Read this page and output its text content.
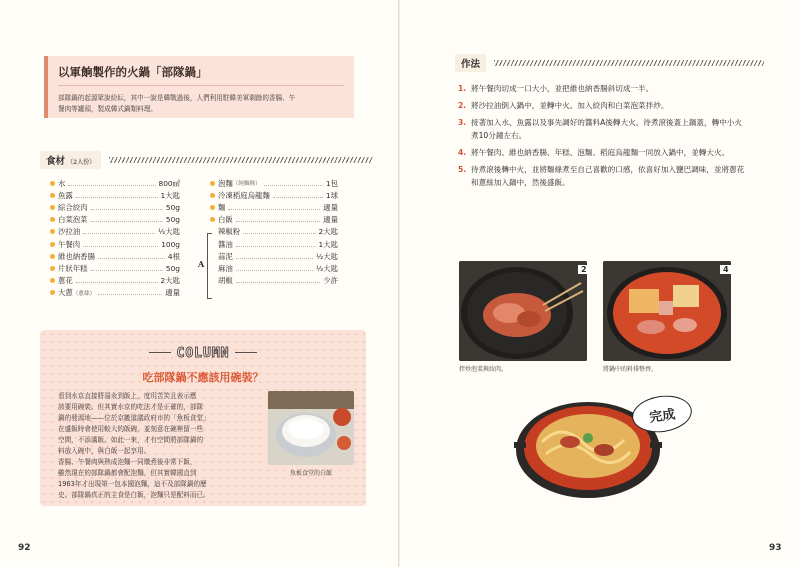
以軍餉製作的火鍋「部隊鍋」

部隊鍋的起源眾說紛紜，其中一說是韓戰過後，人們利用駐韓美軍剩餘的香腸、午
餐肉等罐頭，製成韓式鍋類料理。

食材 （2人份）
水	800㎖
魚露	1大匙
綜合絞肉	50g
白菜泡菜	50g
沙拉油	½大匙
午餐肉	100g
維也納香腸	4根
片狀年糕	50g
蔥花	2大匙
大蔥 （蔥絲）	適量
泡麵 （純麵條）	1包
冷凍稻庭烏龍麵	1球
麵	適量
白飯	適量
辣椒粉	2大匙
醬油	1大匙
蒜泥	½大匙
麻油	½大匙
胡椒	少許
A
COLUMN
吃部隊鍋不應該用碗裝？
看到水京直接將湯汆到飯上，度玥苦笑且表示應
該要用碗裝。但其實水京的吃法才是正確的，部隊
鍋的發源地——位於京畿道議政府市的「魚板食堂」
在盛飯時會使用較大的飯碗，並刻意在碗裡留一些
空間，不添滿飯。如此一來，才有空間將部隊鍋的
料放入碗中，與白飯一起享用。
香腸、午餐肉與熱成泡麵一同燉煮後非常下飯，
雖然現在的部隊鍋都會配泡麵，但其實韓國直到
1963年才出現第一包本國泡麵，這不及部隊鍋的歷
史。部隊鍋真正的主食是白飯，泡麵只是配料而已。
魚板食堂的白飯
92
作法
1. 將午餐肉切成一口大小，並把維也納香腸斜切成一半。
2. 將沙拉油倒入鍋中，並轉中火。加入絞肉和白菜泡菜拌炒。
3. 接著加入水、魚露以及事先調好的醬料A後轉大火。待煮滾後蓋上鍋蓋，轉中小火煮10分鐘左右。
4. 將午餐肉、維也納香腸、年糕、泡麵、稻庭烏龍麵一同放入鍋中，並轉大火。
5. 待煮滾後轉中火，並將麵條煮至自己喜歡的口感，依喜好加入鹽巴調味，並將蔥花和蔥絲加入鍋中，然後盛飯。
2
拌炒泡菜與絞肉。
4
將鍋中的料排整齊。
完成
93
